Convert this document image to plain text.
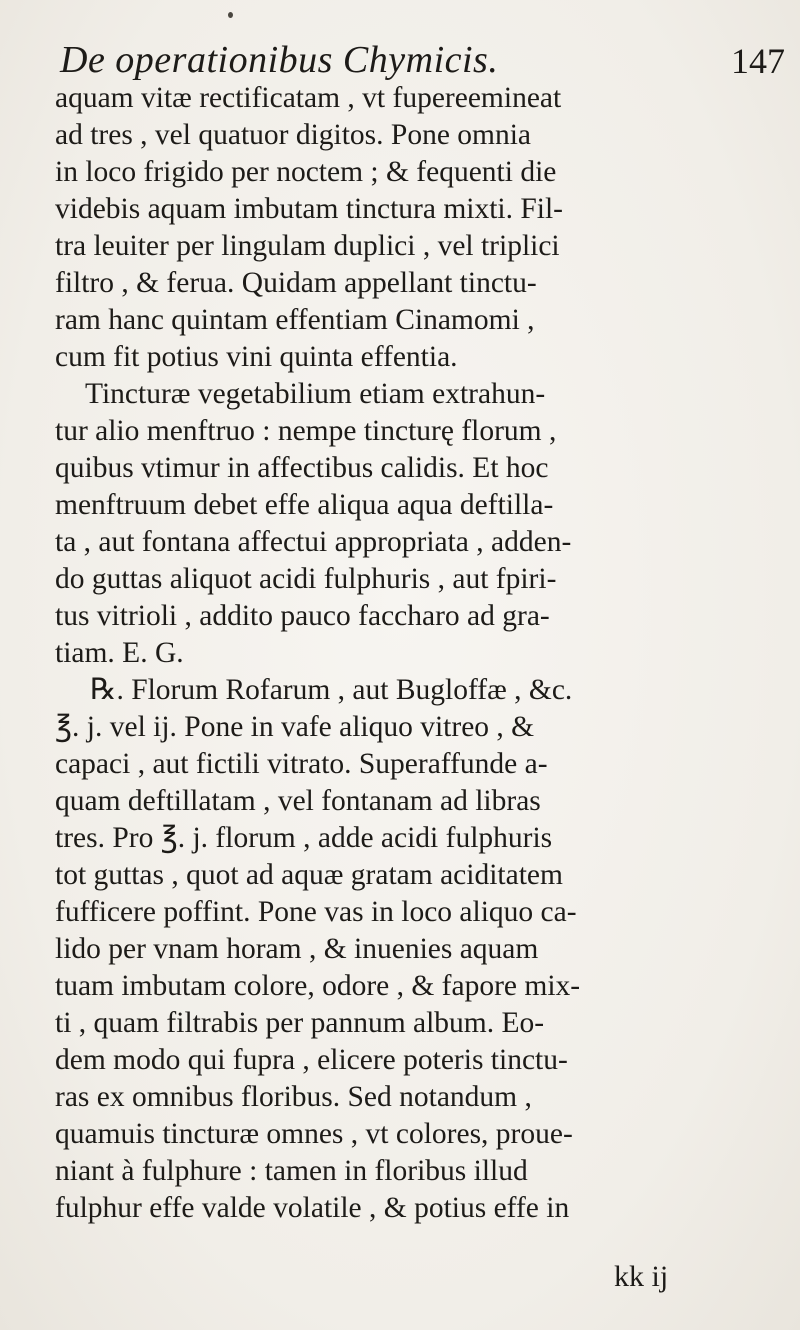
De operationibus Chymicis.	147
aquam vitæ rectificatam , vt fupereemineat
ad tres , vel quatuor digitos. Pone omnia
in loco frigido per noctem ; & fequenti die
videbis aquam imbutam tinctura mixti. Fil-
tra leuiter per lingulam duplici , vel triplici
filtro , & ferua. Quidam appellant tinctu-
ram hanc quintam effentiam Cinamomi ,
cum fit potius vini quinta effentia.
Tincturæ vegetabilium etiam extrahun-
tur alio menftruo : nempe tincturę florum ,
quibus vtimur in affectibus calidis. Et hoc
menftruum debet effe aliqua aqua deftilla-
ta , aut fontana affectui appropriata , adden-
do guttas aliquot acidi fulphuris , aut fpiri-
tus vitrioli , addito pauco faccharo ad gra-
tiam. E. G.
℞. Florum Rofarum , aut Bugloffæ , &c.
℥. j. vel ij. Pone in vafe aliquo vitreo , &
capaci , aut fictili vitrato. Superaffunde a-
quam deftillatam , vel fontanam ad libras
tres. Pro ℥. j. florum , adde acidi fulphuris
tot guttas , quot ad aquæ gratam aciditatem
fufficere poffint. Pone vas in loco aliquo ca-
lido per vnam horam , & inuenies aquam
tuam imbutam colore, odore , & fapore mix-
ti , quam filtrabis per pannum album. Eo-
dem modo qui fupra , elicere poteris tinctu-
ras ex omnibus floribus. Sed notandum ,
quamuis tincturæ omnes , vt colores, proue-
niant à fulphure : tamen in floribus illud
fulphur effe valde volatile , & potius effe in
kk ij
